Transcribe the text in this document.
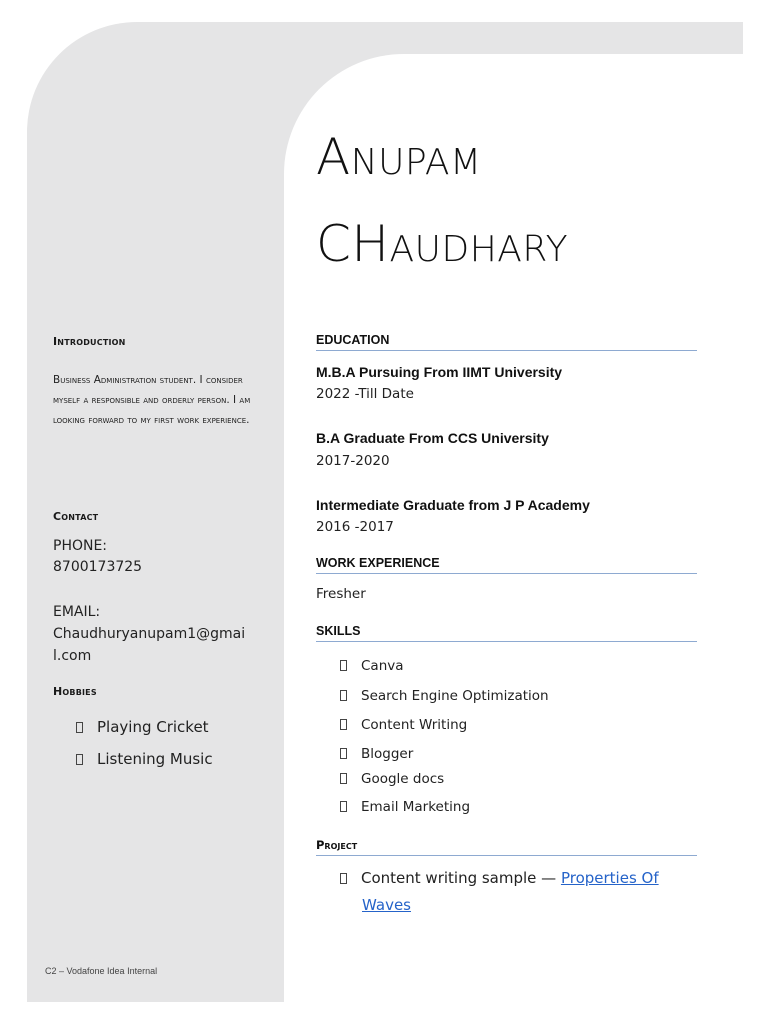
ANUPAM
CHAUDHARY
Introduction
Business Administration student. I consider myself a responsible and orderly person. I am looking forward to my first work experience.
Contact
PHONE:
8700173725
EMAIL:
Chaudhuryanupam1@gmai
l.com
Hobbies
Playing Cricket
Listening Music
EDUCATION
M.B.A Pursuing From IIMT University
2022 -Till Date
B.A Graduate From CCS University
2017-2020
Intermediate Graduate from J P Academy
2016 -2017
WORK EXPERIENCE
Fresher
SKILLS
Canva
Search Engine Optimization
Content Writing
Blogger
Google docs
Email Marketing
Project
Content writing sample — Properties Of
Waves
C2 – Vodafone Idea Internal
